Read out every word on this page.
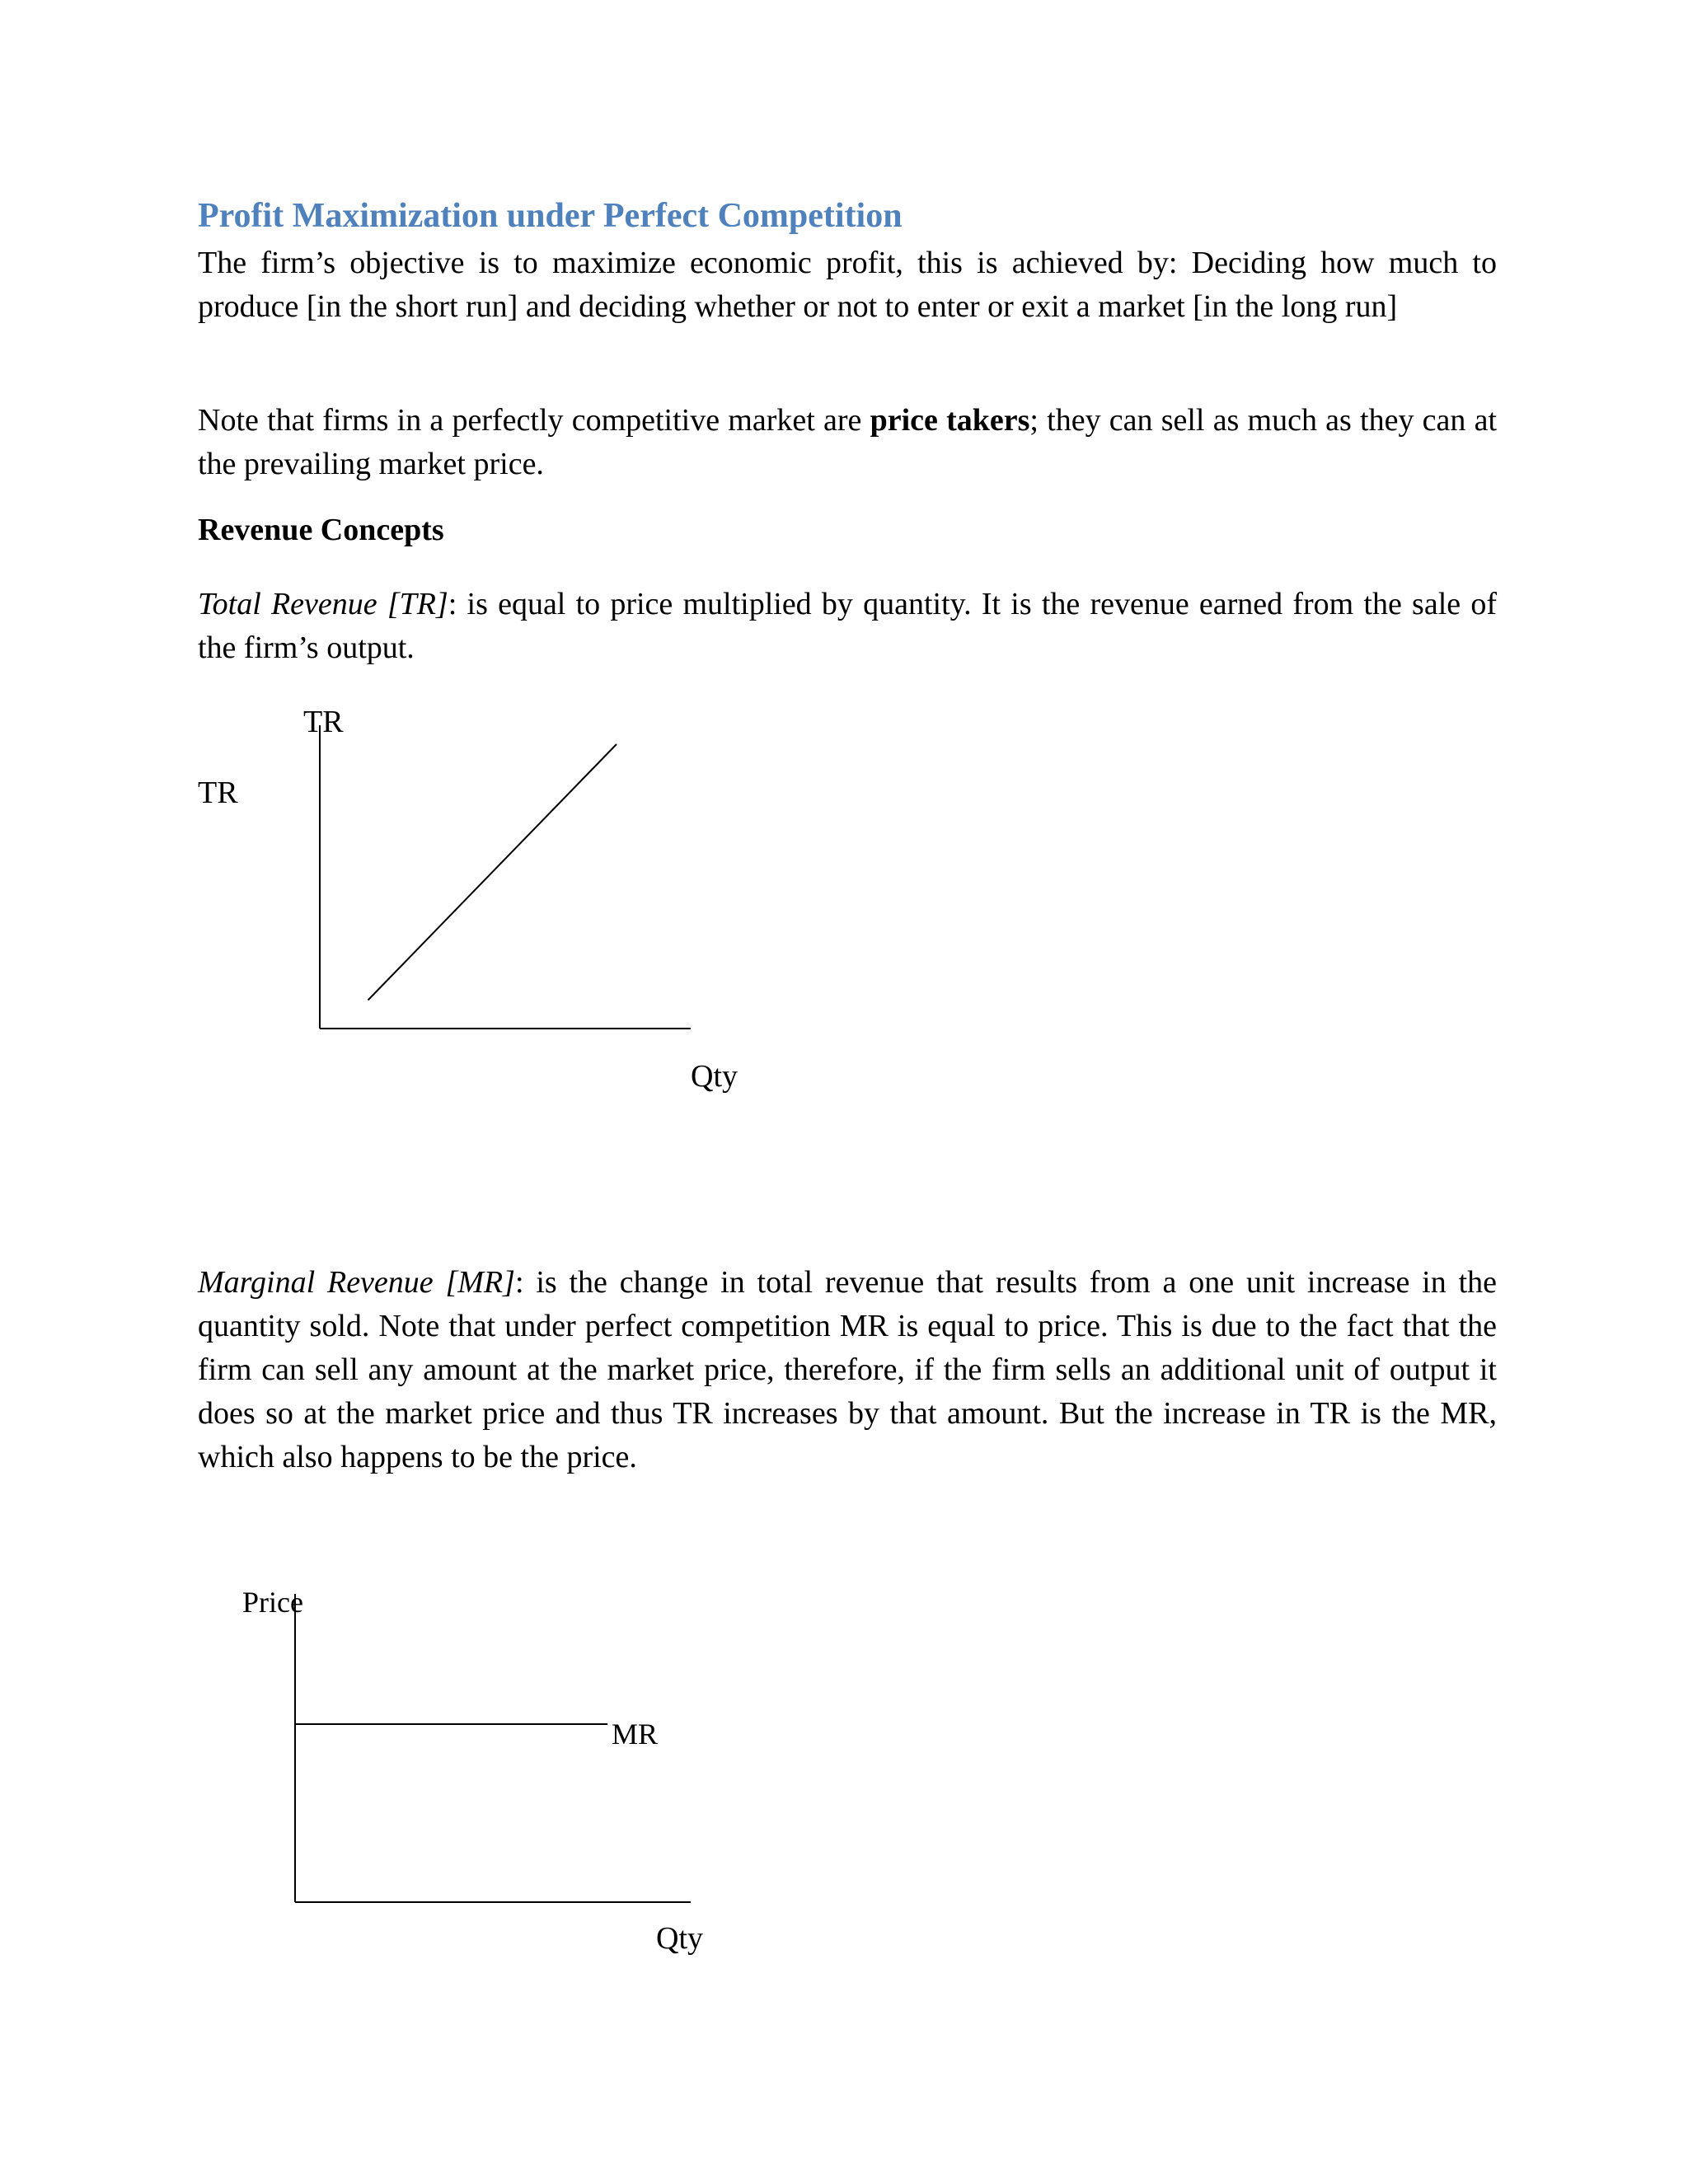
Profit Maximization under Perfect Competition

The firm’s objective is to maximize economic profit, this is achieved by: Deciding how much to produce [in the short run] and deciding whether or not to enter or exit a market [in the long run]

Note that firms in a perfectly competitive market are price takers; they can sell as much as they can at the prevailing market price.

Revenue Concepts

Total Revenue [TR]: is equal to price multiplied by quantity. It is the revenue earned from the sale of the firm’s output.

TR
TR
Qty

Marginal Revenue [MR]: is the change in total revenue that results from a one unit increase in the quantity sold. Note that under perfect competition MR is equal to price. This is due to the fact that the firm can sell any amount at the market price, therefore, if the firm sells an additional unit of output it does so at the market price and thus TR increases by that amount. But the increase in TR is the MR, which also happens to be the price.

Price
MR
Qty
